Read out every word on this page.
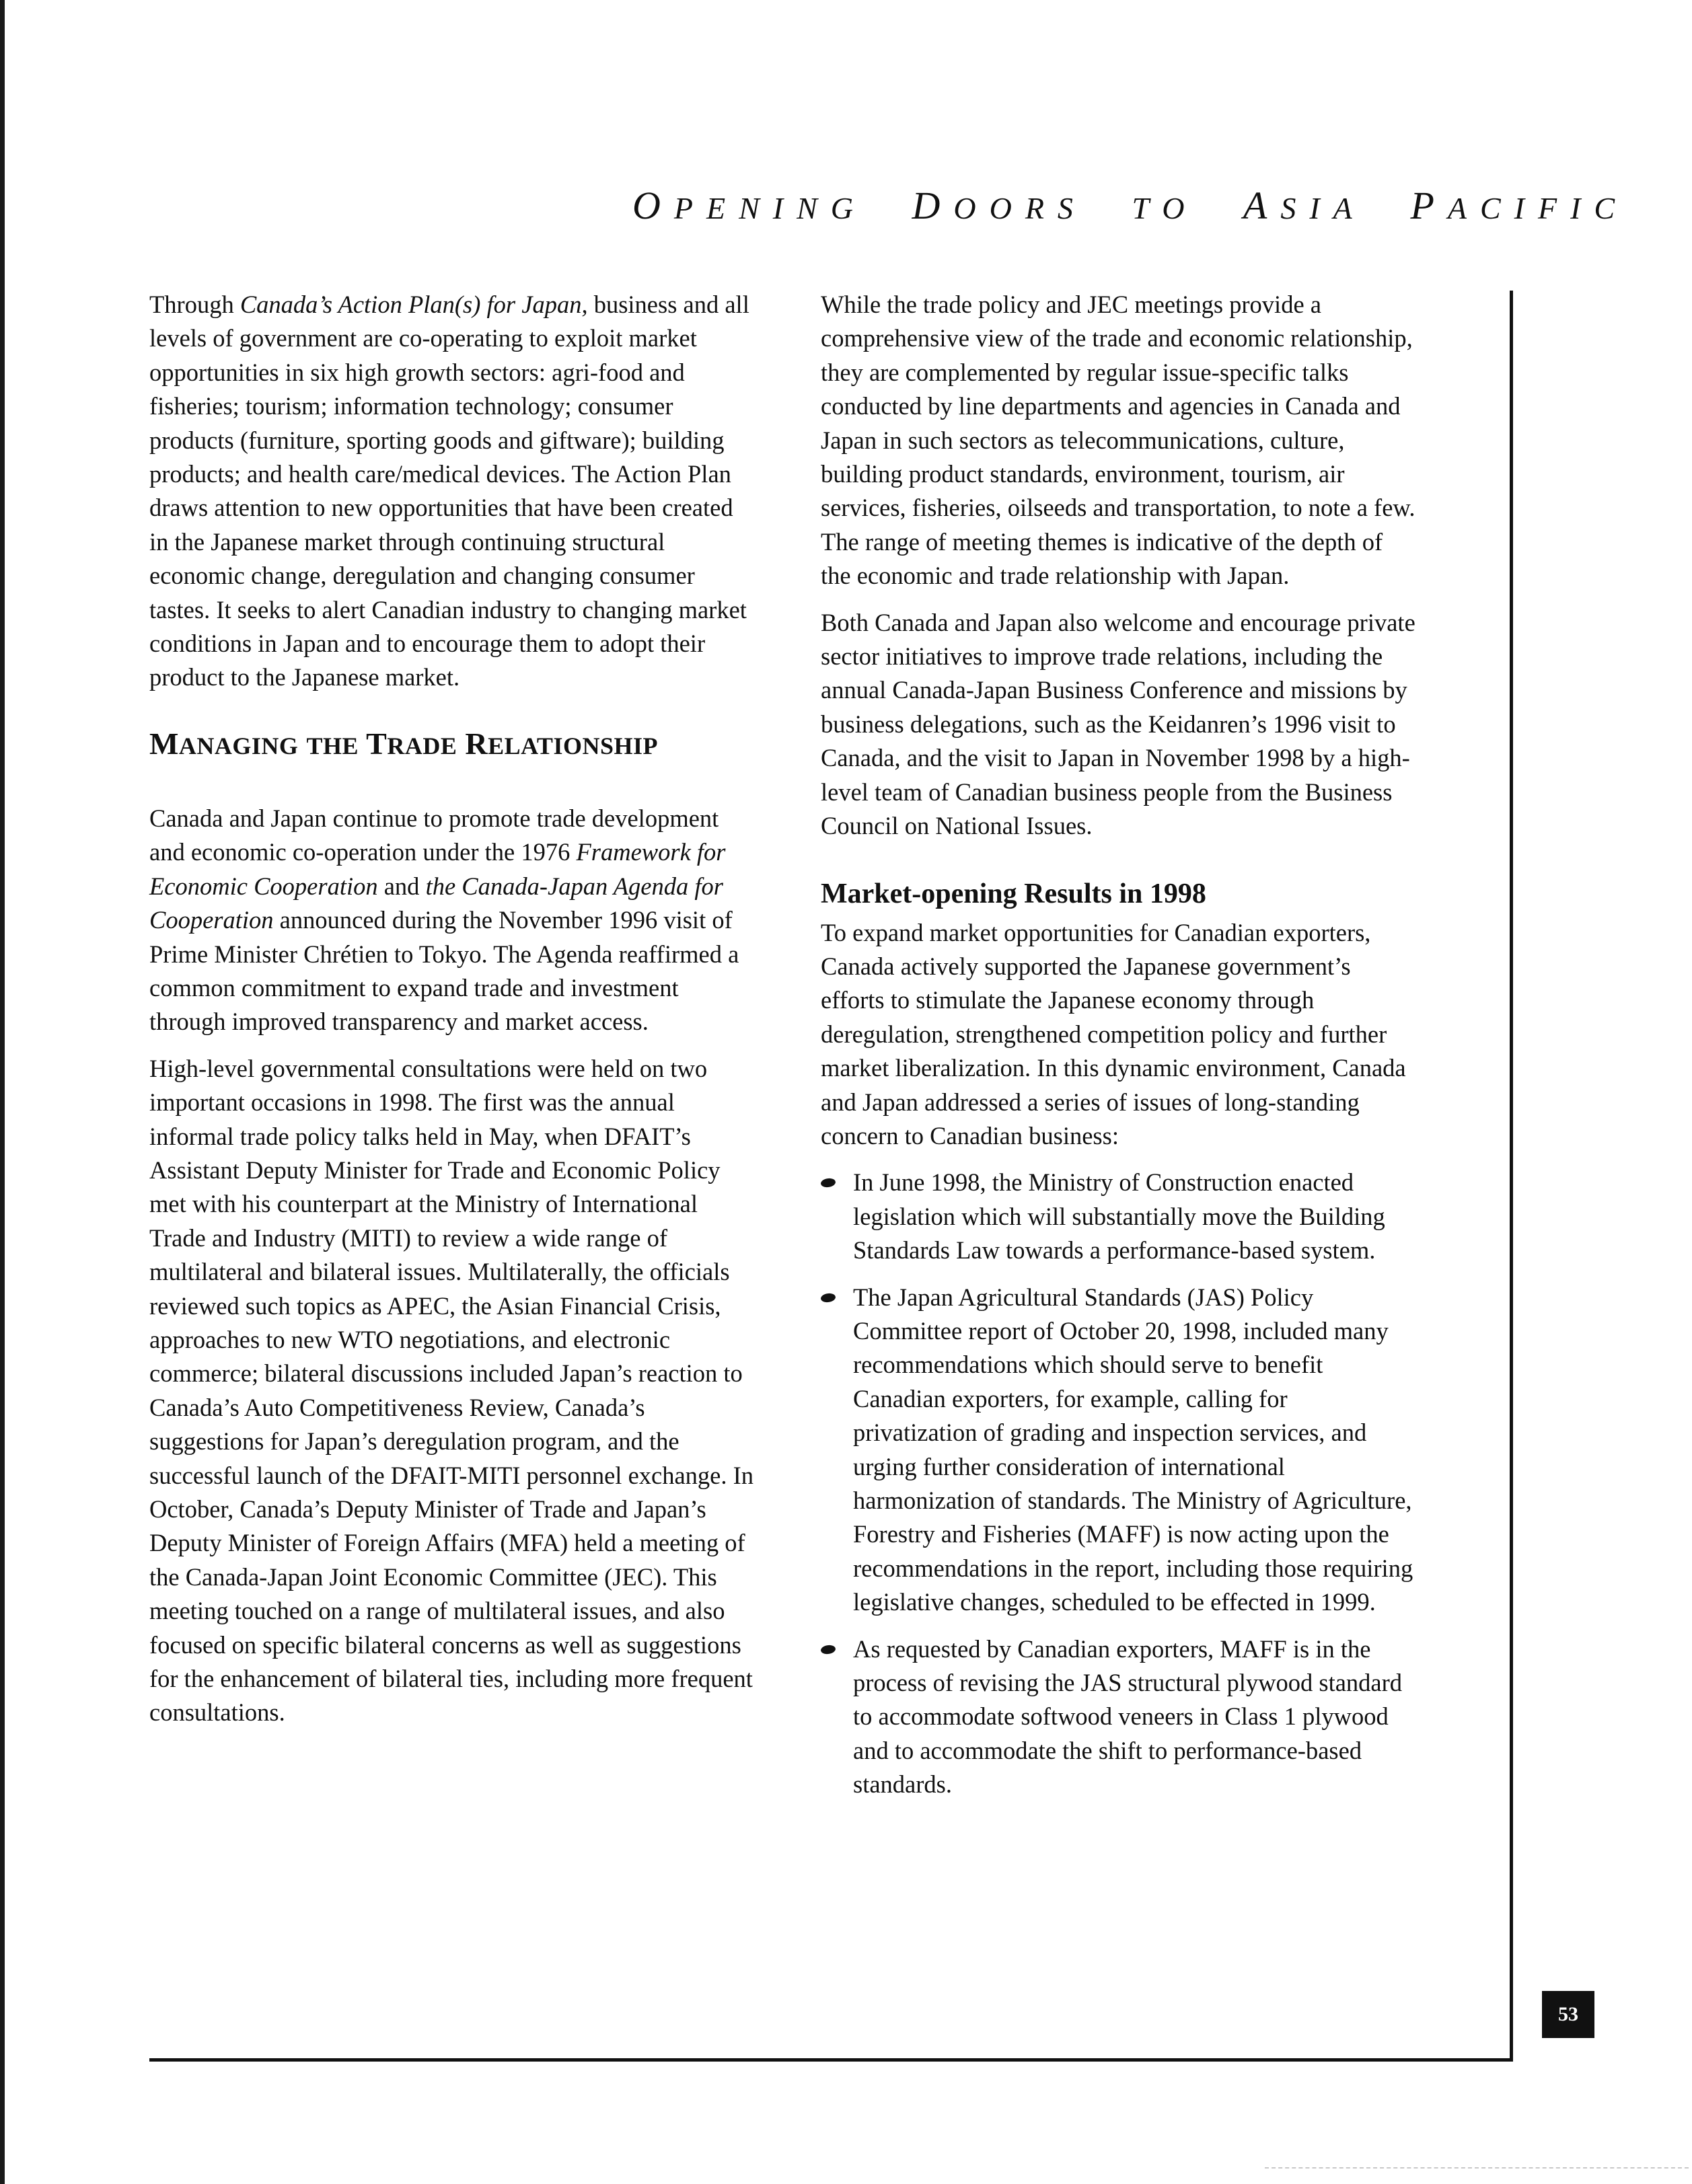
OPENING DOORS TO ASIA PACIFIC

Through Canada’s Action Plan(s) for Japan, business and all levels of government are co-operating to exploit market opportunities in six high growth sectors: agri-food and fisheries; tourism; information technology; consumer products (furniture, sporting goods and giftware); building products; and health care/medical devices. The Action Plan draws attention to new opportunities that have been created in the Japanese market through continuing structural economic change, deregulation and changing consumer tastes. It seeks to alert Canadian industry to changing market conditions in Japan and to encourage them to adopt their product to the Japanese market.

MANAGING THE TRADE RELATIONSHIP

Canada and Japan continue to promote trade development and economic co-operation under the 1976 Framework for Economic Cooperation and the Canada-Japan Agenda for Cooperation announced during the November 1996 visit of Prime Minister Chrétien to Tokyo. The Agenda reaffirmed a common commitment to expand trade and investment through improved transparency and market access.

High-level governmental consultations were held on two important occasions in 1998. The first was the annual informal trade policy talks held in May, when DFAIT’s Assistant Deputy Minister for Trade and Economic Policy met with his counterpart at the Ministry of International Trade and Industry (MITI) to review a wide range of multilateral and bilateral issues. Multilaterally, the officials reviewed such topics as APEC, the Asian Financial Crisis, approaches to new WTO negotiations, and electronic commerce; bilateral discussions included Japan’s reaction to Canada’s Auto Competitiveness Review, Canada’s suggestions for Japan’s deregulation program, and the successful launch of the DFAIT-MITI personnel exchange. In October, Canada’s Deputy Minister of Trade and Japan’s Deputy Minister of Foreign Affairs (MFA) held a meeting of the Canada-Japan Joint Economic Committee (JEC). This meeting touched on a range of multilateral issues, and also focused on specific bilateral concerns as well as suggestions for the enhancement of bilateral ties, including more frequent consultations.

While the trade policy and JEC meetings provide a comprehensive view of the trade and economic relationship, they are complemented by regular issue-specific talks conducted by line departments and agencies in Canada and Japan in such sectors as telecommunications, culture, building product standards, environment, tourism, air services, fisheries, oilseeds and transportation, to note a few. The range of meeting themes is indicative of the depth of the economic and trade relationship with Japan.

Both Canada and Japan also welcome and encourage private sector initiatives to improve trade relations, including the annual Canada-Japan Business Conference and missions by business delegations, such as the Keidanren’s 1996 visit to Canada, and the visit to Japan in November 1998 by a high-level team of Canadian business people from the Business Council on National Issues.

Market-opening Results in 1998

To expand market opportunities for Canadian exporters, Canada actively supported the Japanese government’s efforts to stimulate the Japanese economy through deregulation, strengthened competition policy and further market liberalization. In this dynamic environment, Canada and Japan addressed a series of issues of long-standing concern to Canadian business:

In June 1998, the Ministry of Construction enacted legislation which will substantially move the Building Standards Law towards a performance-based system.
The Japan Agricultural Standards (JAS) Policy Committee report of October 20, 1998, included many recommendations which should serve to benefit Canadian exporters, for example, calling for privatization of grading and inspection services, and urging further consideration of international harmonization of standards. The Ministry of Agriculture, Forestry and Fisheries (MAFF) is now acting upon the recommendations in the report, including those requiring legislative changes, scheduled to be effected in 1999.
As requested by Canadian exporters, MAFF is in the process of revising the JAS structural plywood standard to accommodate softwood veneers in Class 1 plywood and to accommodate the shift to performance-based standards.
53
